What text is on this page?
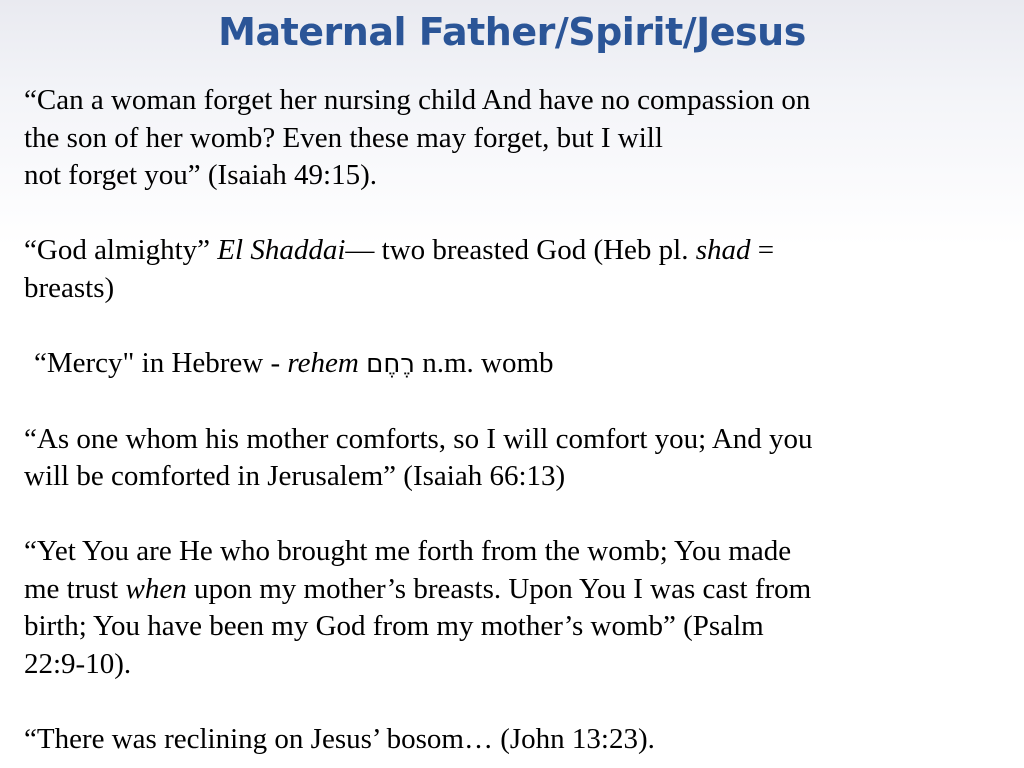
Maternal Father/Spirit/Jesus
“Can a woman forget her nursing child And have no compassion on
the son of her womb? Even these may forget, but I will
not forget you” (Isaiah 49:15).
“God almighty” El Shaddai— two breasted God (Heb pl. shad =
breasts)
“Mercy" in Hebrew - rehem רֶחֶם n.m. womb
“As one whom his mother comforts, so I will comfort you; And you
will be comforted in Jerusalem” (Isaiah 66:13)
“Yet You are He who brought me forth from the womb; You made
me trust when upon my mother’s breasts. Upon You I was cast from
birth; You have been my God from my mother’s womb” (Psalm
22:9-10).
“There was reclining on Jesus’ bosom… (John 13:23).
